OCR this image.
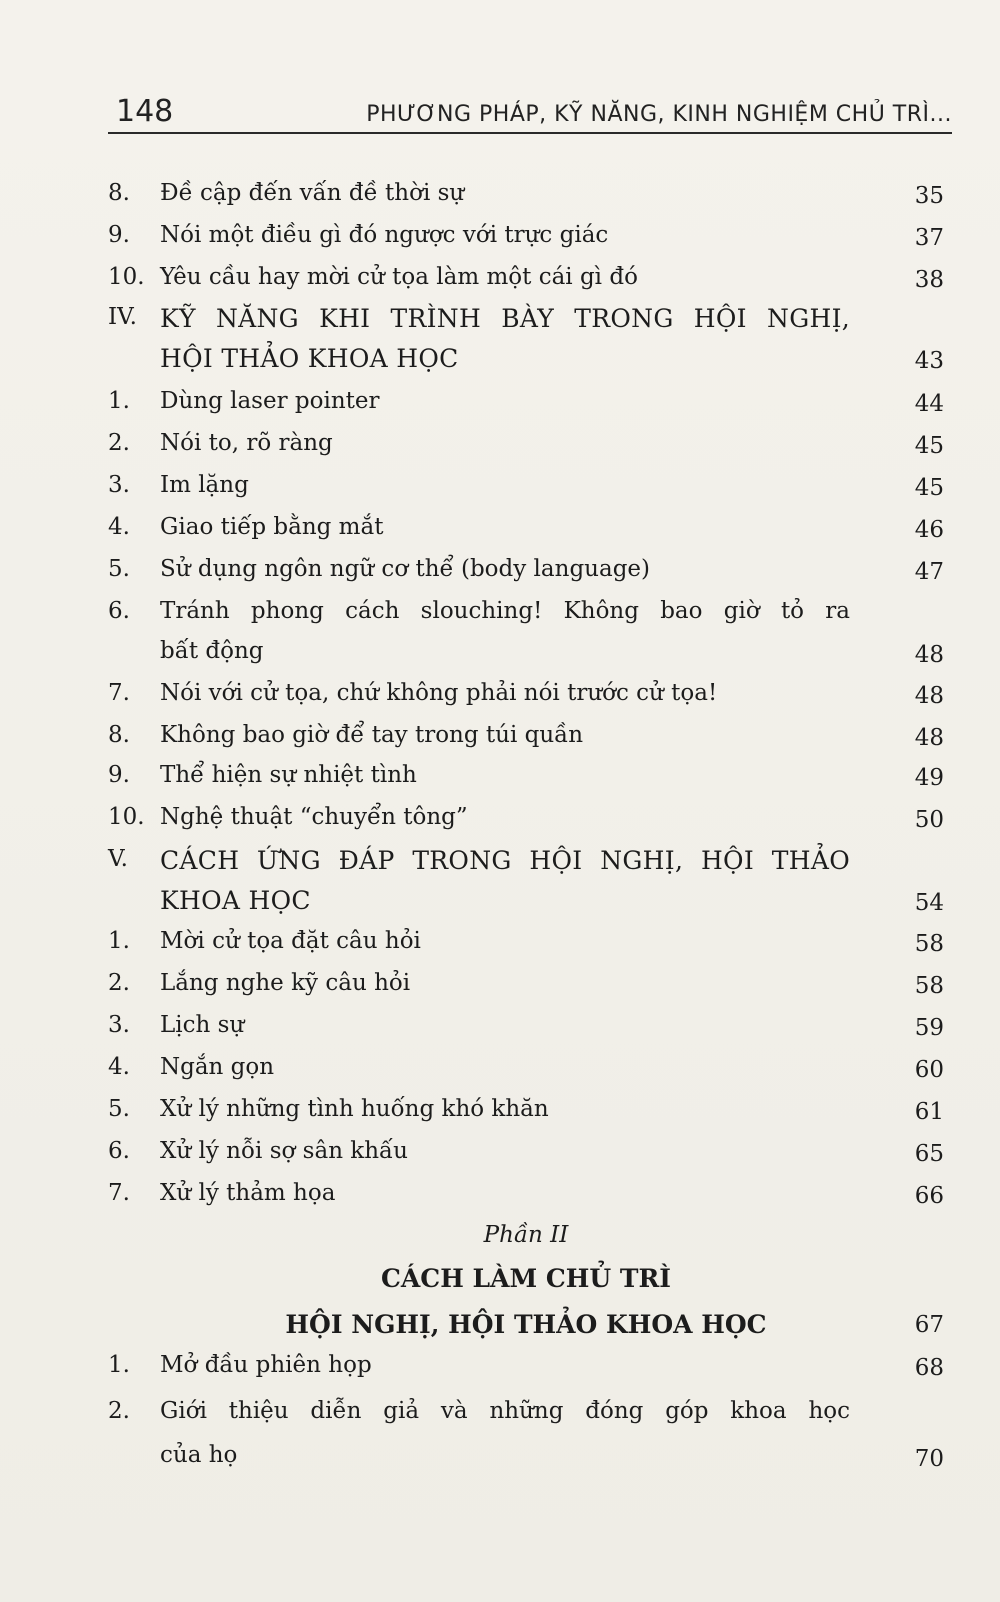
148	PHƯƠNG PHÁP, KỸ NĂNG, KINH NGHIỆM CHỦ TRÌ...
8.	Đề cập đến vấn đề thời sự	35
9.	Nói một điều gì đó ngược với trực giác	37
10. Yêu cầu hay mời cử tọa làm một cái gì đó	38
IV. KỸ NĂNG KHI TRÌNH BÀY TRONG HỘI NGHỊ,
HỘI THẢO KHOA HỌC	43
1.	Dùng laser pointer	44
2.	Nói to, rõ ràng	45
3.	Im lặng	45
4.	Giao tiếp bằng mắt	46
5.	Sử dụng ngôn ngữ cơ thể (body language)	47
6.	Tránh phong cách slouching! Không bao giờ tỏ ra
bất động	48
7.	Nói với cử tọa, chứ không phải nói trước cử tọa!	48
8.	Không bao giờ để tay trong túi quần	48
9.	Thể hiện sự nhiệt tình	49
10. Nghệ thuật “chuyển tông”	50
V.	CÁCH ỨNG ĐÁP TRONG HỘI NGHỊ, HỘI THẢO
KHOA HỌC	54
1.	Mời cử tọa đặt câu hỏi	58
2.	Lắng nghe kỹ câu hỏi	58
3.	Lịch sự	59
4.	Ngắn gọn	60
5.	Xử lý những tình huống khó khăn	61
6.	Xử lý nỗi sợ sân khấu	65
7.	Xử lý thảm họa	66
Phần II
CÁCH LÀM CHỦ TRÌ
HỘI NGHỊ, HỘI THẢO KHOA HỌC	67
1.	Mở đầu phiên họp	68
2.	Giới thiệu diễn giả và những đóng góp khoa học
của họ	70
